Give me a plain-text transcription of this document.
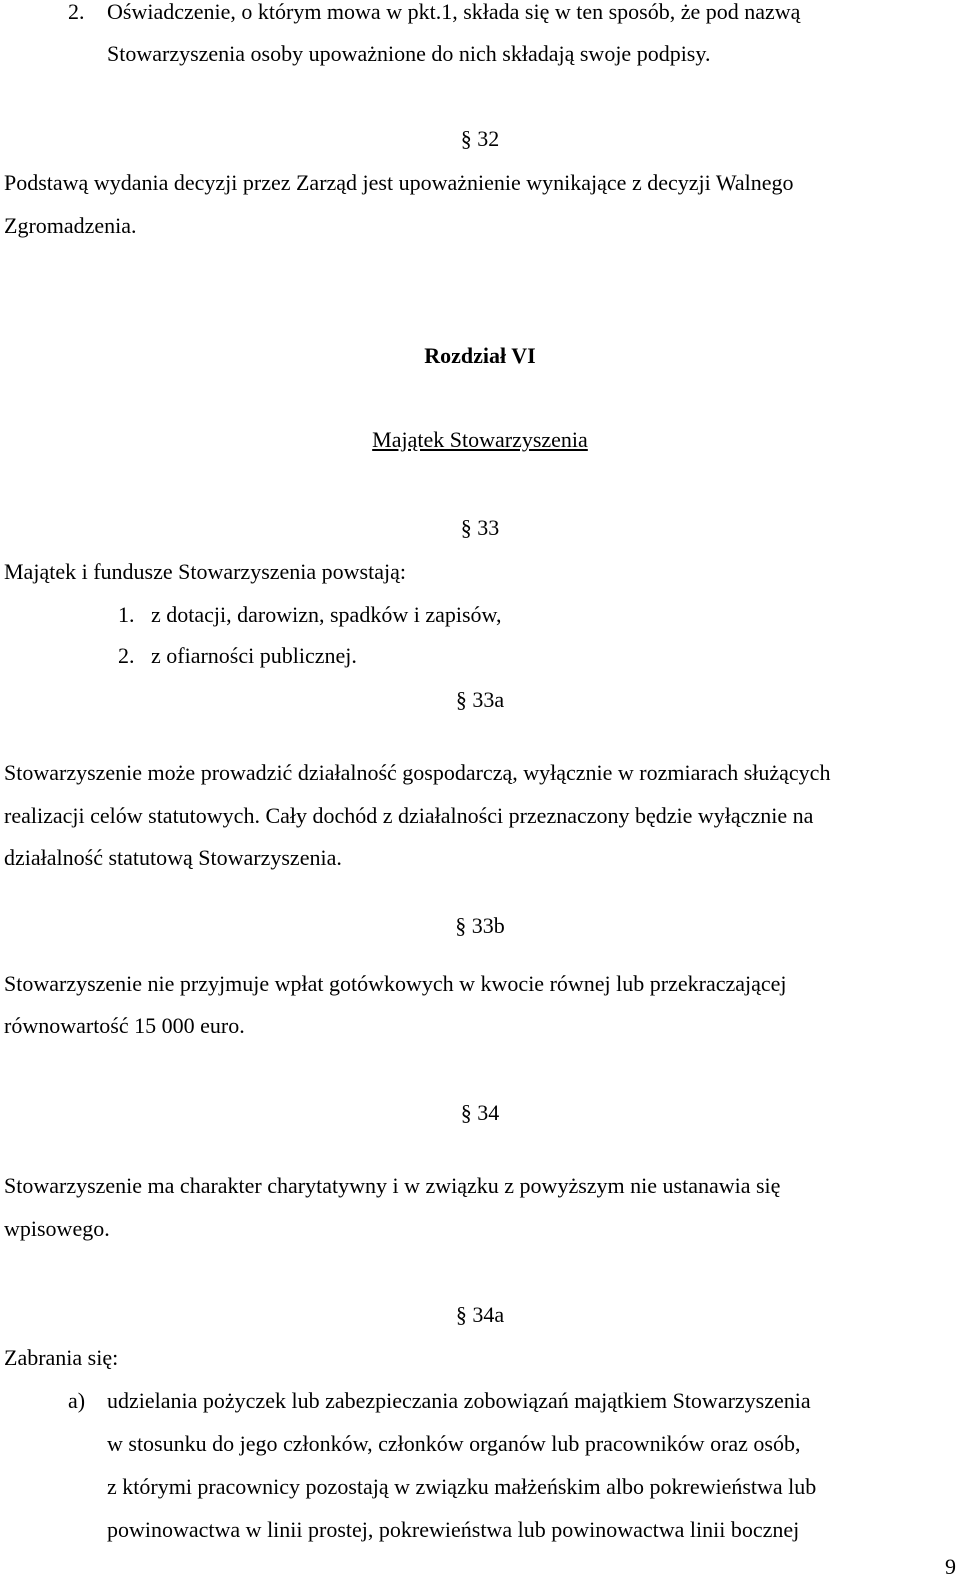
2. Oświadczenie, o którym mowa w pkt.1, składa się w ten sposób, że pod nazwą
Stowarzyszenia osoby upoważnione do nich składają swoje podpisy.
§ 32
Podstawą wydania decyzji przez Zarząd jest upoważnienie wynikające z decyzji Walnego
Zgromadzenia.
Rozdział VI
Majątek Stowarzyszenia
§ 33
Majątek i fundusze Stowarzyszenia powstają:
1. z dotacji, darowizn, spadków i zapisów,
2. z ofiarności publicznej.
§ 33a
Stowarzyszenie może prowadzić działalność gospodarczą, wyłącznie w rozmiarach służących
realizacji celów statutowych. Cały dochód z działalności przeznaczony będzie wyłącznie na
działalność statutową Stowarzyszenia.
§ 33b
Stowarzyszenie nie przyjmuje wpłat gotówkowych w kwocie równej lub przekraczającej
równowartość 15 000 euro.
§ 34
Stowarzyszenie ma charakter charytatywny i w związku z powyższym nie ustanawia się
wpisowego.
§ 34a
Zabrania się:
a) udzielania pożyczek lub zabezpieczania zobowiązań majątkiem Stowarzyszenia
w stosunku do jego członków, członków organów lub pracowników oraz osób,
z którymi pracownicy pozostają w związku małżeńskim albo pokrewieństwa lub
powinowactwa w linii prostej, pokrewieństwa lub powinowactwa linii bocznej
9
